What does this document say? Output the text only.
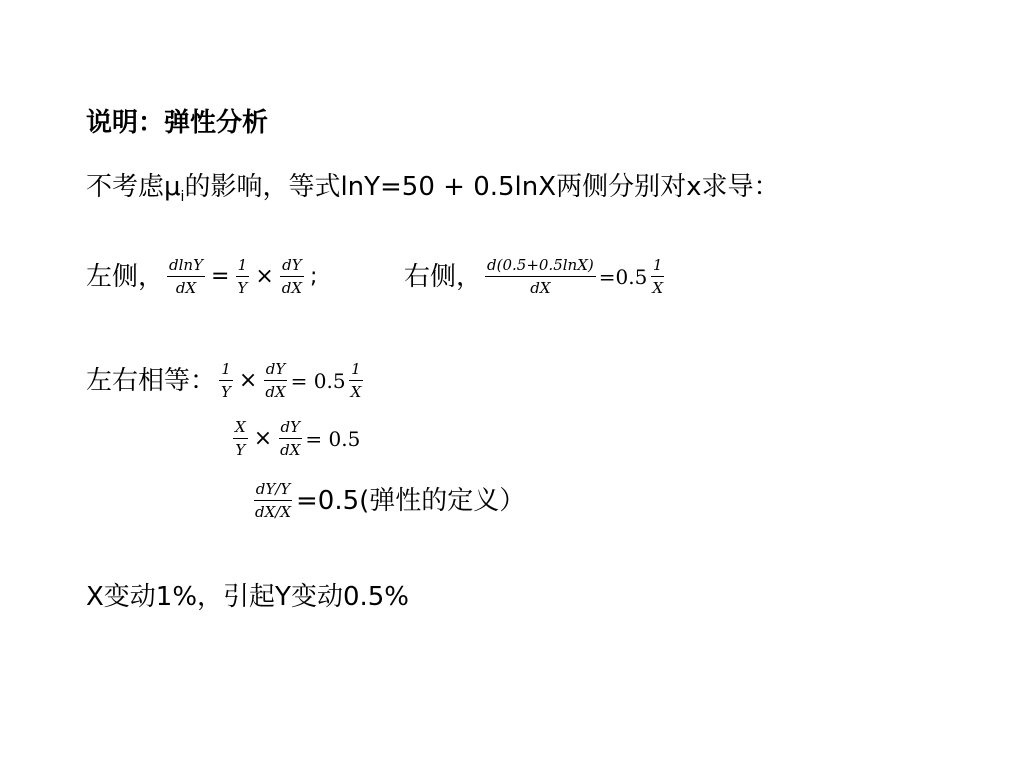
说明：弹性分析
不考虑$\mu_i$的影响，等式lnY=50 + 0.5lnX两侧分别对x求导：
左侧， $\frac{dlnY}{dX} = \frac{1}{Y} \times \frac{dY}{dX}$ ;	右侧， $\frac{d(0.5+0.5\ln X)}{dX} =0.5 \frac{1}{X}$
左右相等： $\frac{1}{Y} \times \frac{dY}{dX} = 0.5 \frac{1}{X}$
$\frac{X}{Y} \times \frac{dY}{dX} = 0.5$
$\frac{dY/Y}{dX/X} =0.5$(弹性的定义）
X变动1%，引起Y变动0.5%
